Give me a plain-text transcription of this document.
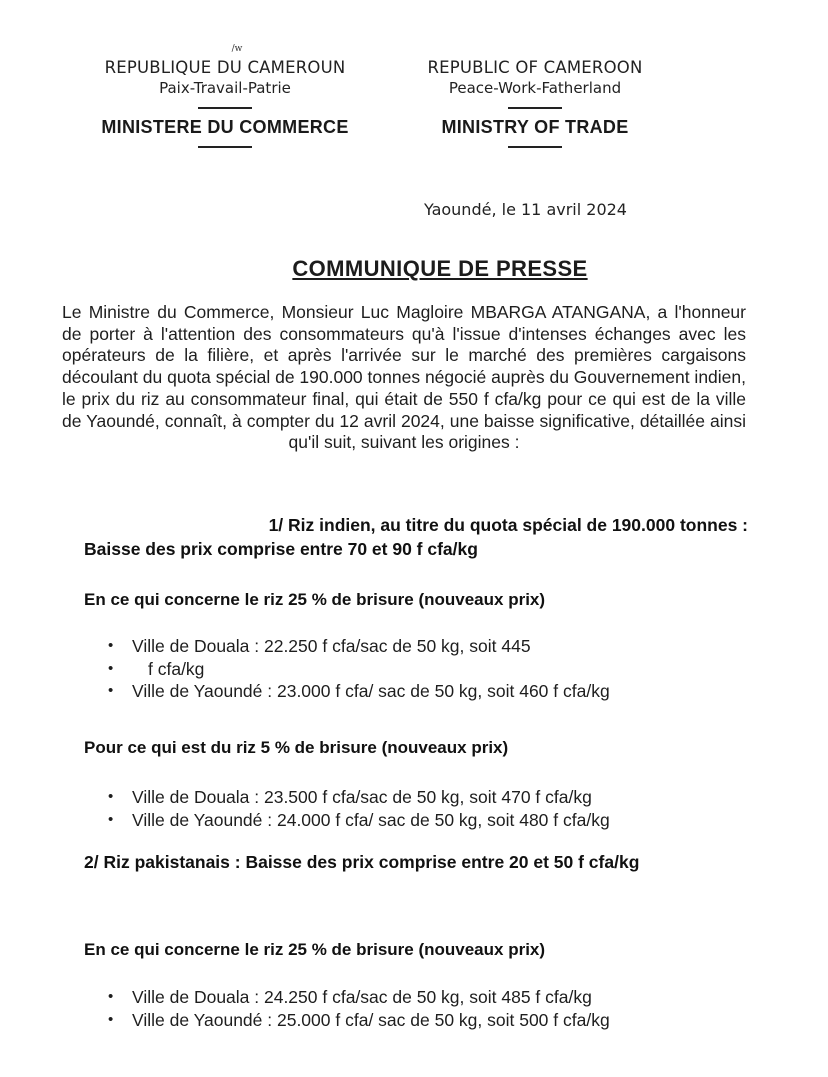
/w
REPUBLIQUE DU CAMEROUN
Paix-Travail-Patrie
MINISTERE DU COMMERCE
REPUBLIC OF CAMEROON
Peace-Work-Fatherland
MINISTRY OF TRADE
Yaoundé, le 11 avril 2024
COMMUNIQUE DE PRESSE
Le Ministre du Commerce, Monsieur Luc Magloire MBARGA ATANGANA, a l'honneur de porter à l'attention des consommateurs qu'à l'issue d'intenses échanges avec les opérateurs de la filière, et après l'arrivée sur le marché des premières cargaisons découlant du quota spécial de 190.000 tonnes négocié auprès du Gouvernement indien, le prix du riz au consommateur final, qui était de 550 f cfa/kg pour ce qui est de la ville de Yaoundé, connaît, à compter du 12 avril 2024, une baisse significative, détaillée ainsi qu'il suit, suivant les origines :
1/ Riz indien, au titre du quota spécial de 190.000 tonnes :
Baisse des prix comprise entre 70 et 90 f cfa/kg
En ce qui concerne le riz 25 % de brisure (nouveaux prix)
• Ville de Douala : 22.250 f cfa/sac de 50 kg, soit 445
• f cfa/kg
• Ville de Yaoundé : 23.000 f cfa/ sac de 50 kg, soit 460 f cfa/kg
Pour ce qui est du riz 5 % de brisure (nouveaux prix)
• Ville de Douala : 23.500 f cfa/sac de 50 kg, soit 470 f cfa/kg
• Ville de Yaoundé : 24.000 f cfa/ sac de 50 kg, soit 480 f cfa/kg
2/ Riz pakistanais : Baisse des prix comprise entre 20 et 50 f cfa/kg
En ce qui concerne le riz 25 % de brisure (nouveaux prix)
• Ville de Douala : 24.250 f cfa/sac de 50 kg, soit 485 f cfa/kg
• Ville de Yaoundé : 25.000 f cfa/ sac de 50 kg, soit 500 f cfa/kg
